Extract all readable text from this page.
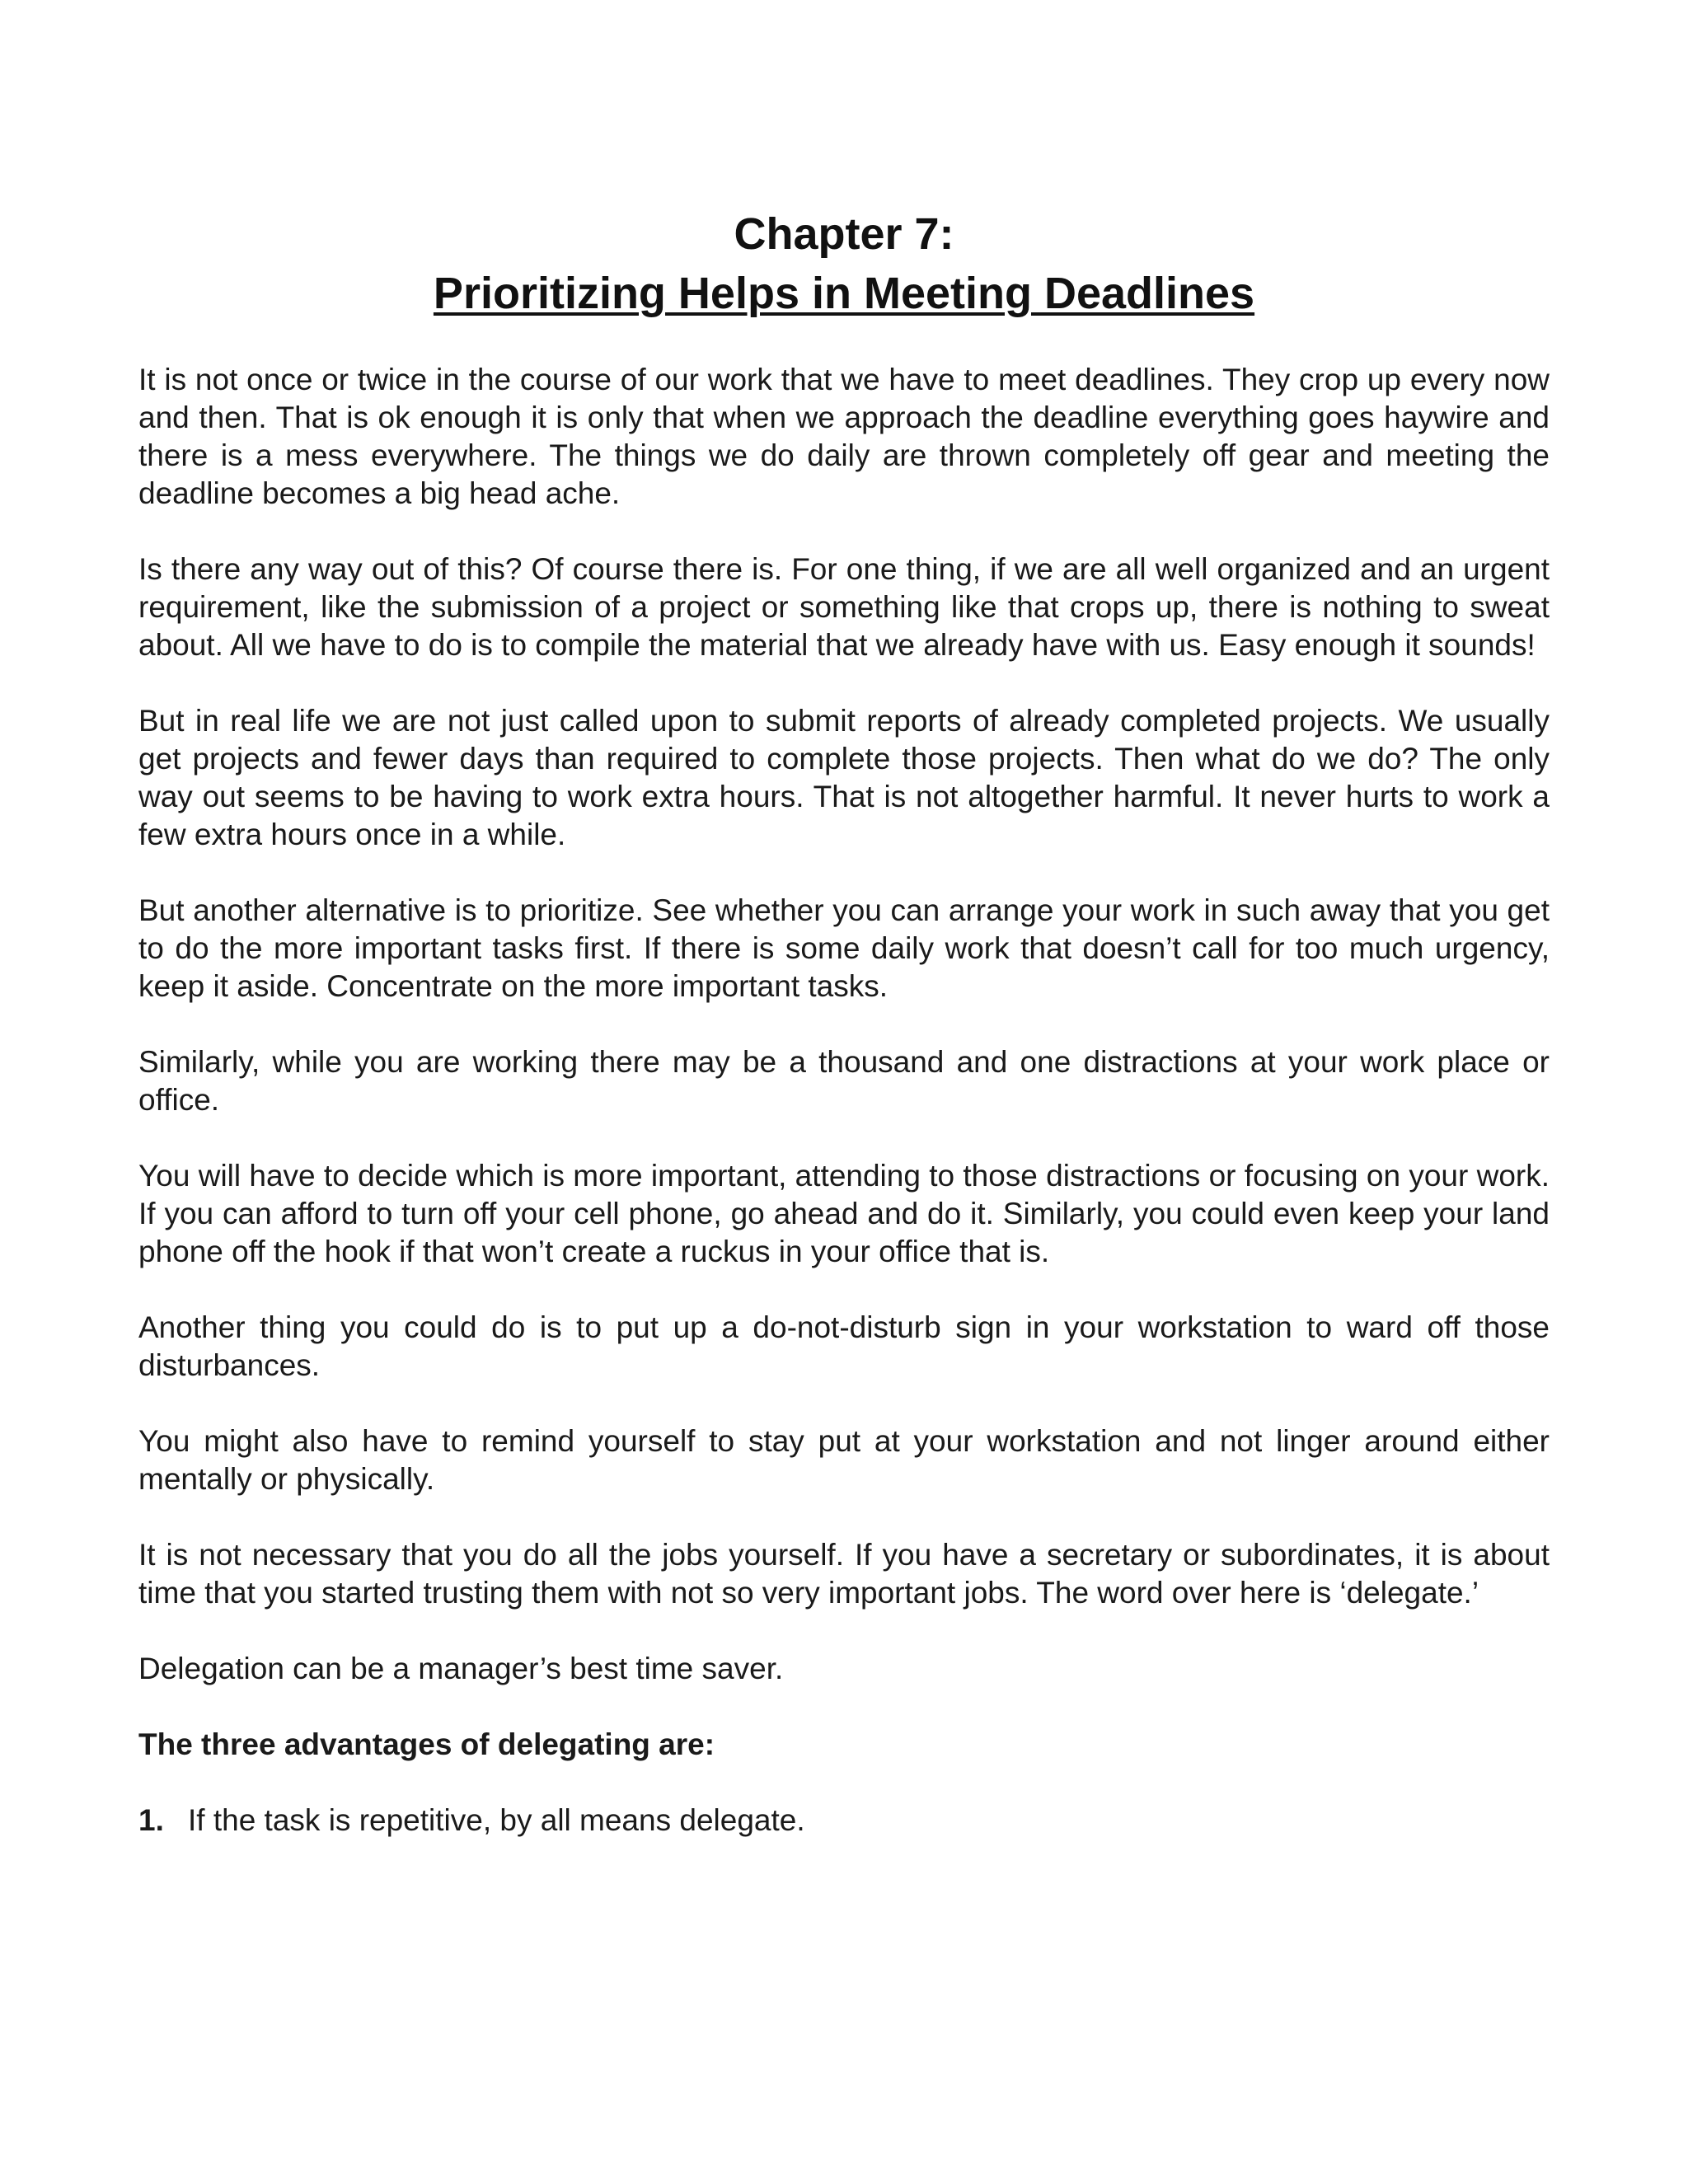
Chapter 7:
Prioritizing Helps in Meeting Deadlines

It is not once or twice in the course of our work that we have to meet deadlines. They crop up every now and then. That is ok enough it is only that when we approach the deadline everything goes haywire and there is a mess everywhere. The things we do daily are thrown completely off gear and meeting the deadline becomes a big head ache.

Is there any way out of this? Of course there is. For one thing, if we are all well organized and an urgent requirement, like the submission of a project or something like that crops up, there is nothing to sweat about. All we have to do is to compile the material that we already have with us. Easy enough it sounds!

But in real life we are not just called upon to submit reports of already completed projects. We usually get projects and fewer days than required to complete those projects. Then what do we do? The only way out seems to be having to work extra hours. That is not altogether harmful. It never hurts to work a few extra hours once in a while.

But another alternative is to prioritize. See whether you can arrange your work in such away that you get to do the more important tasks first. If there is some daily work that doesn’t call for too much urgency, keep it aside. Concentrate on the more important tasks.

Similarly, while you are working there may be a thousand and one distractions at your work place or office.

You will have to decide which is more important, attending to those distractions or focusing on your work. If you can afford to turn off your cell phone, go ahead and do it. Similarly, you could even keep your land phone off the hook if that won’t create a ruckus in your office that is.

Another thing you could do is to put up a do-not-disturb sign in your workstation to ward off those disturbances.

You might also have to remind yourself to stay put at your workstation and not linger around either mentally or physically.

It is not necessary that you do all the jobs yourself. If you have a secretary or subordinates, it is about time that you started trusting them with not so very important jobs. The word over here is ‘delegate.’

Delegation can be a manager’s best time saver.

The three advantages of delegating are:

1. If the task is repetitive, by all means delegate.
